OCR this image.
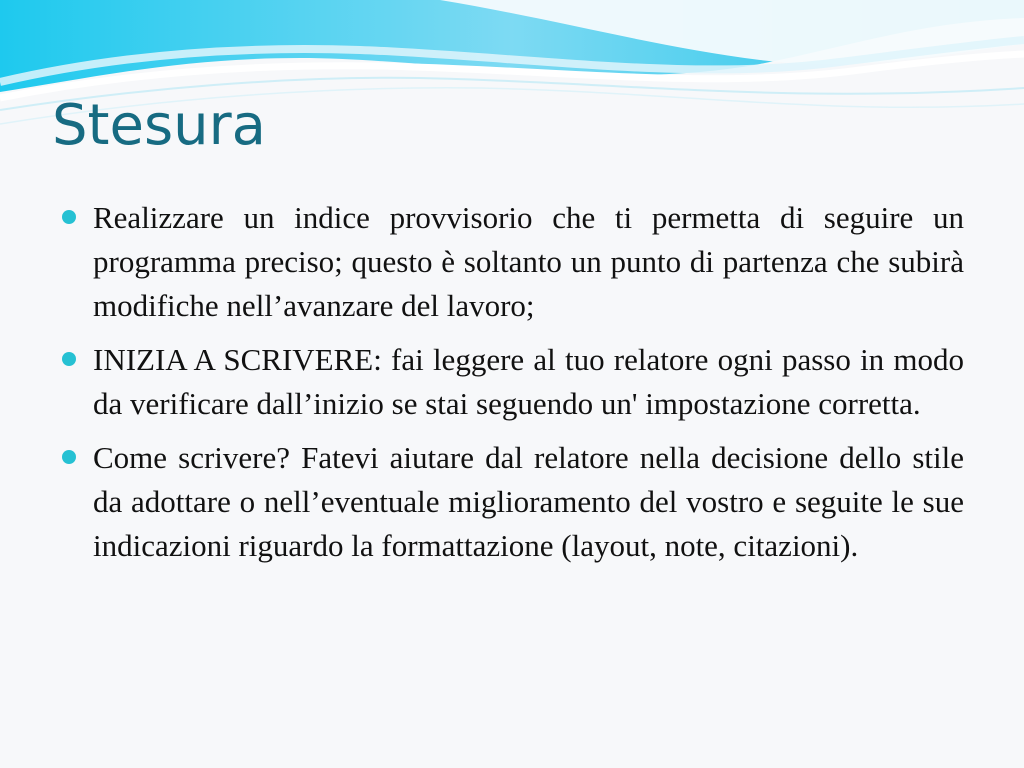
Stesura
Realizzare un indice provvisorio che ti permetta di seguire un programma preciso; questo è soltanto un punto di partenza che subirà modifiche nell’avanzare del lavoro;
INIZIA A SCRIVERE: fai leggere al tuo relatore ogni passo in modo da verificare dall’inizio se stai seguendo un' impostazione corretta.
Come scrivere? Fatevi aiutare dal relatore nella decisione dello stile da adottare o nell’eventuale miglioramento del vostro e seguite le sue indicazioni riguardo la formattazione (layout, note, citazioni).
